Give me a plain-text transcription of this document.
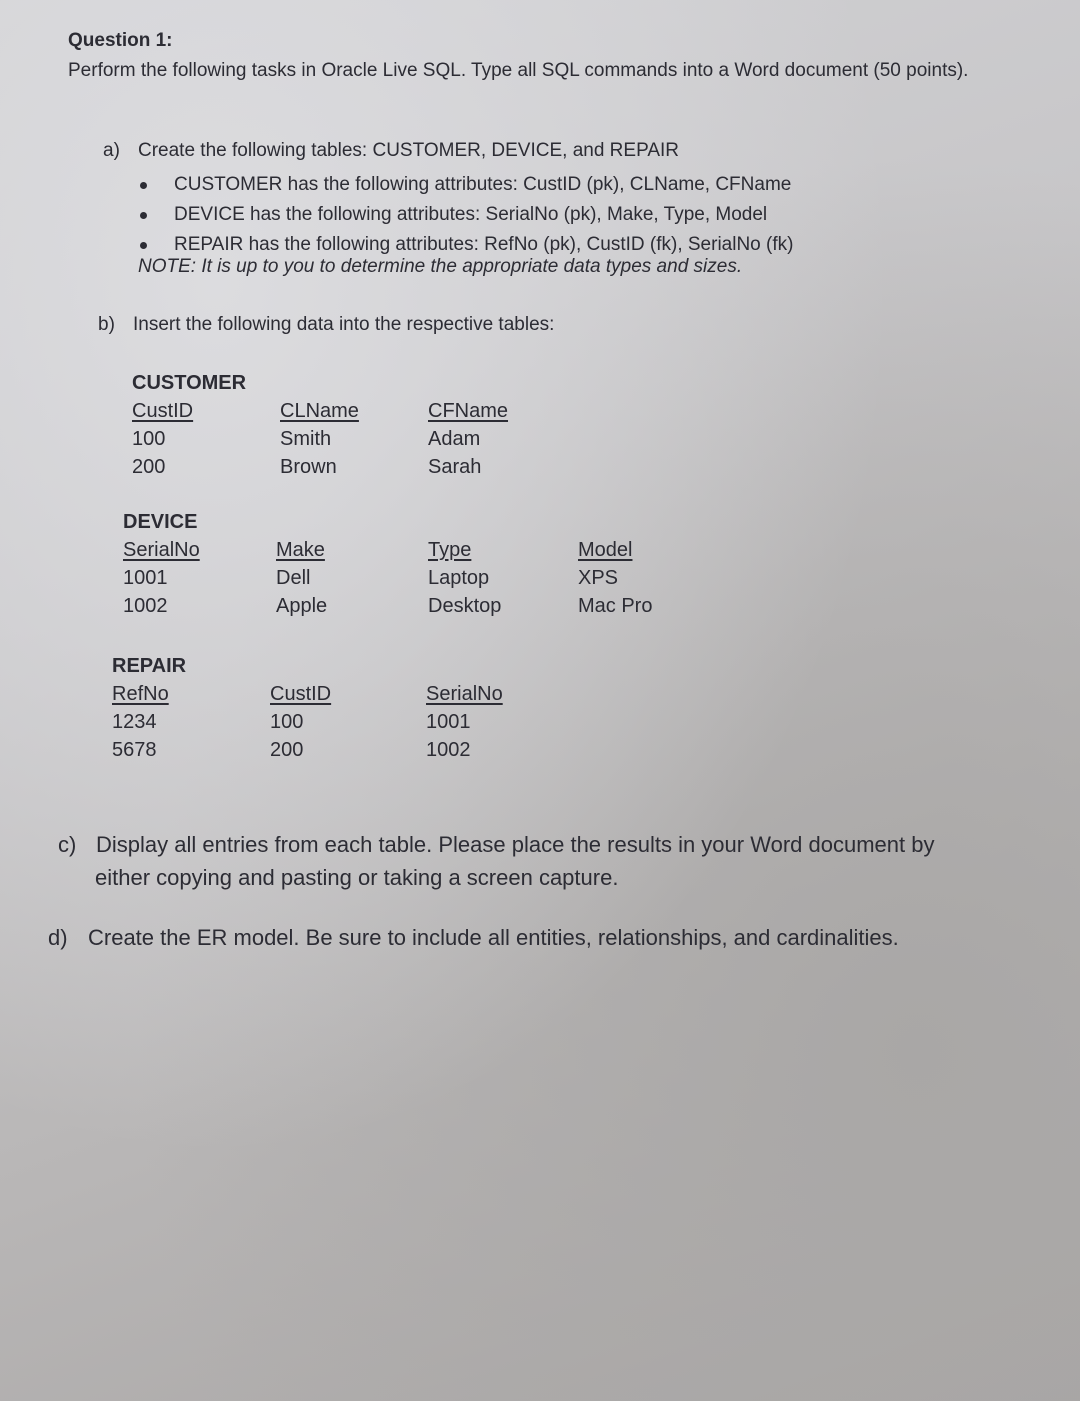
Question 1:
Perform the following tasks in Oracle Live SQL. Type all SQL commands into a Word document (50 points).
a) Create the following tables: CUSTOMER, DEVICE, and REPAIR
CUSTOMER has the following attributes: CustID (pk), CLName, CFName
DEVICE has the following attributes: SerialNo (pk), Make, Type, Model
REPAIR has the following attributes: RefNo (pk), CustID (fk), SerialNo (fk)
NOTE: It is up to you to determine the appropriate data types and sizes.
b) Insert the following data into the respective tables:
CUSTOMER
CustID	CLName	CFName
100	Smith	Adam
200	Brown	Sarah
DEVICE
SerialNo	Make	Type	Model
1001	Dell	Laptop	XPS
1002	Apple	Desktop	Mac Pro
REPAIR
RefNo	CustID	SerialNo
1234	100	1001
5678	200	1002
c) Display all entries from each table. Please place the results in your Word document by
either copying and pasting or taking a screen capture.
d) Create the ER model. Be sure to include all entities, relationships, and cardinalities.
